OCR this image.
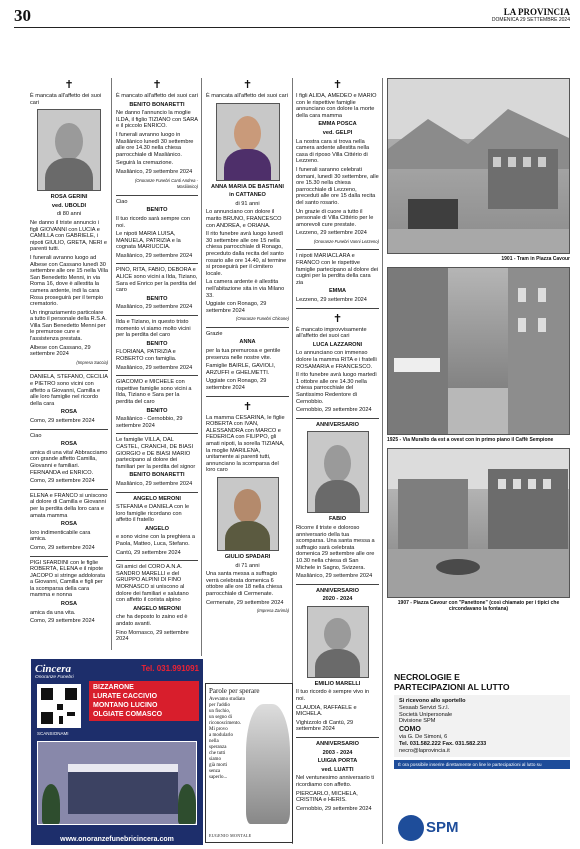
30	LA PROVINCIA
DOMENICA 29 SETTEMBRE 2024
✝

È mancata all'affetto dei suoi cari

ROSA GERINI
ved. UBOLDI

di 80 anni

Ne danno il triste annuncio i figli GIOVANNI con LUCIA e CAMILLA con GABRIELE, i nipoti GIULIO, GRETA, NERI e parenti tutti.

I funerali avranno luogo ad Albese con Cassano lunedì 30 settembre alle ore 15 nella Villa San Benedetto Menni, in via Roma 16, dove è allestita la camera ardente, indi la cara Rosa proseguirà per il tempio crematorio.

Un ringraziamento particolare a tutto il personale della R.S.A. Villa San Benedetto Menni per le premurose cure e l'assistenza prestata.

Albese con Cassano, 29 settembre 2024

(Impresa Saccia)

DANIELA, STEFANO, CECILIA e PIETRO sono vicini con affetto a Giovanni, Camilla e alle loro famiglie nel ricordo della cara

ROSA

Como, 29 settembre 2024

Ciao

ROSA

amica di una vita! Abbracciamo con grande affetto Camilla, Giovanni e familiari. FERNANDA ed ENRICO.

Como, 29 settembre 2024

ELENA e FRANCO si uniscono al dolore di Camilla e Giovanni per la perdita della loro cara e amata mamma

ROSA

loro indimenticabile cara amica.

Como, 29 settembre 2024

PIGI SFARDINI con le figlie ROBERTA, ELENA e il nipote JACOPO si stringe addolorata a Giovanni, Camilla e figli per la scomparsa della cara mamma e nonna

ROSA

amica da una vita.

Como, 29 settembre 2024

✝

È mancato all'affetto dei suoi cari

BENITO BONARETTI

Ne danno l'annuncio la moglie ILDA, il figlio TIZIANO con SARA e il piccolo ENRICO.

I funerali avranno luogo in Masliànico lunedì 30 settembre alle ore 14.30 nella chiesa parrocchiale di Masliànico.

Seguirà la cremazione.

Masliànico, 29 settembre 2024

(Onoranze Funebri Canti Andrea - Masliànico)

Ciao

BENITO

Il tuo ricordo sarà sempre con noi.

Le nipoti MARIA LUISA, MANUELA, PATRIZIA e la cognata MARIUCCIA.

Masliànico, 29 settembre 2024

PINO, RITA, FABIO, DEBORA e ALICE sono vicini a Ilda, Tiziano, Sara ed Enrico per la perdita del caro

BENITO

Masliànico, 29 settembre 2024

Ilda e Tiziano, in questo tristo momento vi siamo molto vicini per la perdita del caro

BENITO

FLORIANA, PATRIZIA e ROBERTO con famiglia.

Masliànico, 29 settembre 2024

GIACOMO e MICHELE con rispettive famiglie sono vicini a Ilda, Tiziano e Sara per la perdita del caro

BENITO

Masliànico - Cernobbio, 29 settembre 2024

Le famiglie VILLA, DAL CASTEL, CRANCHI, DE BIASI GIORGIO e DE BIASI MARIO partecipano al dolore dei familiari per la perdita del signor

BENITO BONARETTI

Masliànico, 29 settembre 2024

ANGELO MERONI

STEFANIA e DANIELA con le loro famiglie ricordano con affetto il fratello

ANGELO

e sono vicine con la preghiera a Paola, Matteo, Luca, Stefano.

Cantù, 29 settembre 2024

Gli amici del CORO A.N.A. SANDRO MARELLI e del GRUPPO ALPINI DI FINO MORNASCO si uniscono al dolore dei familiari e salutano con affetto il corista alpino

ANGELO MERONI

che ha deposto lo zaino ed è andato avanti.

Fino Mornasco, 29 settembre 2024

✝

È mancata all'affetto dei suoi cari

ANNA MARIA DE BASTIANI
in CATTANEO

di 91 anni

Lo annunciano con dolore il marito BRUNO, FRANCESCO con ANDREA, e ORIANA.

Il rito funebre avrà luogo lunedì 30 settembre alle ore 15 nella chiesa parrocchiale di Ronago, preceduto dalla recita del santo rosario alle ore 14.40, al termine si proseguirà per il cimitero locale.

La camera ardente è allestita nell'abitazione sita in via Milano 33.

Uggiate con Ronago, 29 settembre 2024

(Onoranze Funebri Chicone)

Grazie

ANNA

per la tua premurosa e gentile presenza nelle nostre vite.

Famiglie BAIRLE, GAVIOLI, ARZUFFI e GHELMETTI.

Uggiate con Ronago, 29 settembre 2024

✝

La mamma CESARINA, le figlie ROBERTA con IVAN, ALESSANDRA con MARCO e FEDERICA con FILIPPO, gli amati nipoti, la sorella TIZIANA, la moglie MARILENA, unitamente ai parenti tutti, annunciano la scomparsa del loro caro

GIULIO SPADARI

di 71 anni

Una santa messa a suffragio verrà celebrata domenica 6 ottobre alle ore 18 nella chiesa parrocchiale di Cermenate.

Cermenate, 29 settembre 2024

(Impresa Zarimà)
✝

I figli ALIDA, AMEDEO e MARIO con le rispettive famiglie annunciano con dolore la morte della cara mamma

EMMA POSCA
ved. GELPI

La nostra cara si trova nella camera ardente allestita nella casa di riposo Villa Cittério di Lezzeno.

I funerali saranno celebrati domani, lunedì 30 settembre, alle ore 15.30 nella chiesa parrocchiale di Lezzeno, preceduti alle ore 15 dalla recita del santo rosario.

Un grazie di cuore a tutto il personale di Villa Cittério per le amorevoli cure prestate.

Lezzeno, 29 settembre 2024

(Onoranze Funebri Vanni Lezzeno)

I nipoti MARIACLARA e FRANCO con le rispettive famiglie partecipano al dolore dei cugini per la perdita della cara zia

EMMA

Lezzeno, 29 settembre 2024

✝

È mancato improvvisamente all'affetto dei suoi cari

LUCA LAZZARONI

Lo annunciano con immenso dolore la mamma RITA e i fratelli ROSAMARIA e FRANCESCO.

Il rito funebre avrà luogo martedì 1 ottobre alle ore 14.30 nella chiesa parrocchiale del Santissimo Redentore di Cernobbio.

Cernobbio, 29 settembre 2024

ANNIVERSARIO
FABIO

Ricorre il triste e doloroso anniversario della tua scomparsa. Una santa messa a suffragio sarà celebrata domenica 29 settembre alle ore 10.30 nella chiesa di San Michele in Sagno, Svizzera.

Masliànico, 29 settembre 2024

ANNIVERSARIO
2020 - 2024
EMILIO MARELLI

Il tuo ricordo è sempre vivo in noi.

CLAUDIA, RAFFAELE e MICHELA.

Vighizzolo di Cantù, 29 settembre 2024

ANNIVERSARIO
2003 - 2024
LUIGIA PORTA
ved. LUATTI

Nel ventunesimo anniversario ti ricordiamo con affetto.

PIERCARLO, MICHELA, CRISTINA e HERIS.

Cernobbio, 29 settembre 2024

1901 - Tram in Piazza Cavour
1925 - Via Muralto da est a ovest con in primo piano il Caffè Sempione
1907 - Piazza Cavour con "Panettone" (così chiamato per i tipici che circondavano la fontana)
Cincera	Tel. 031.991091
Onoranze Funebri
SCANSIONAMI
BIZZARONE
LURATE CACCIVIO
MONTANO LUCINO
OLGIATE COMASCO
www.onoranzefunebricincera.com
Parole per sperare
Avevamo studiato
per l'addio
un fischio,
un segno di
riconoscimento.
Mi provo
a modularlo
nella
speranza
che tutti
siamo
già morti
senza
saperlo...
EUGENIO MONTALE
NECROLOGIE E
PARTECIPAZIONI AL LUTTO
Si ricevono allo sportello
Sesaab Servizi S.r.l.
Società Unipersonale
Divisione SPM
COMO
via G. De Simoni, 6
Tel. 031.582.222 Fax. 031.582.233
necro@laprovincia.it
È ora possibile inserire direttamente on line le partecipazioni al lutto su
SPM
